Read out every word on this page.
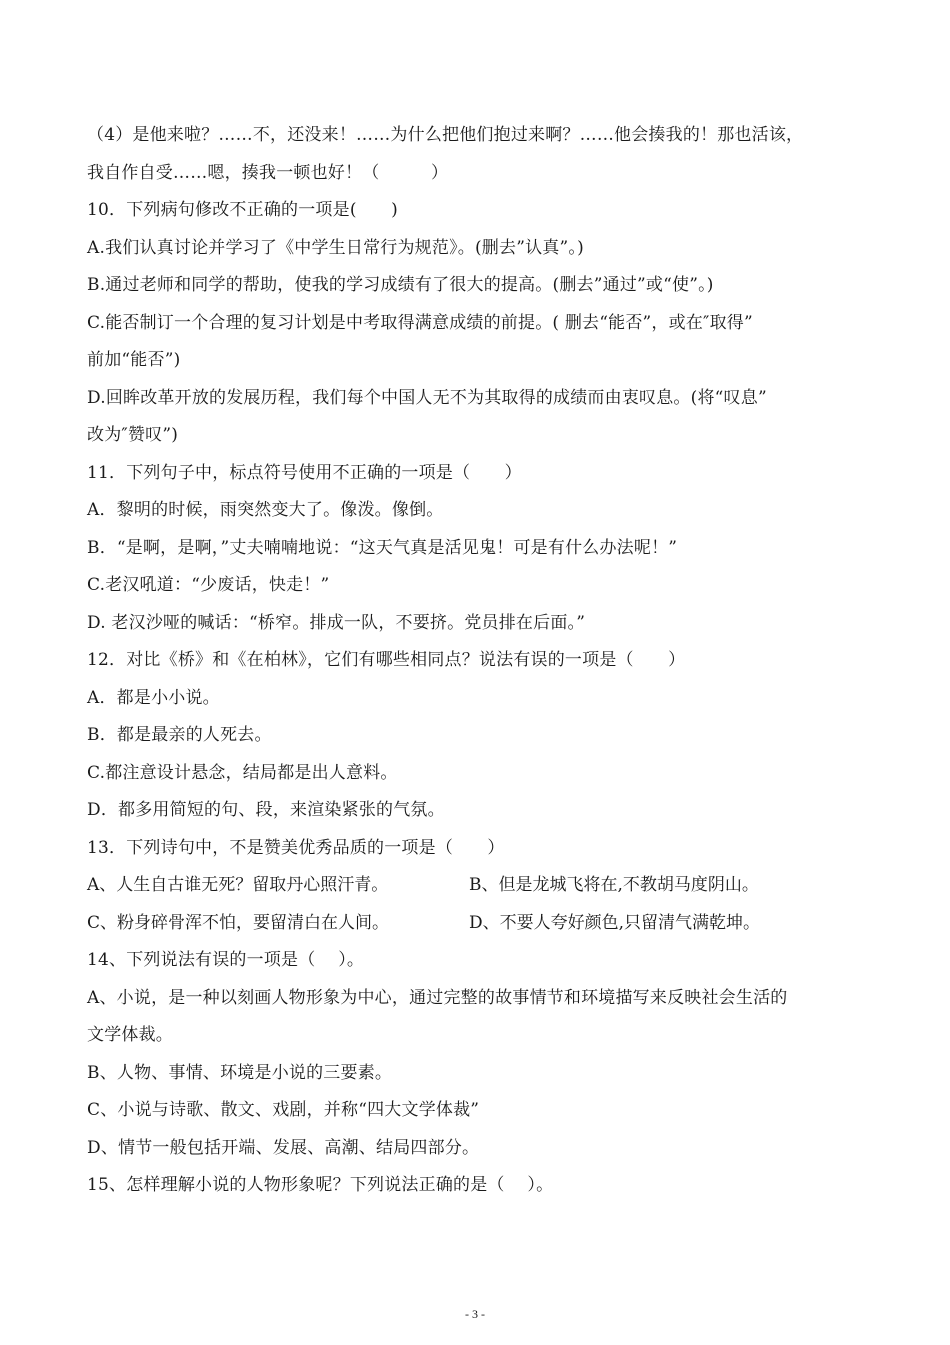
（4）是他来啦？……不，还没来！……为什么把他们抱过来啊？……他会揍我的！那也活该，
我自作自受……嗯，揍我一顿也好！（　　　）
10．下列病句修改不正确的一项是(　　)
A.我们认真讨论并学习了《中学生日常行为规范》。(删去”认真”。)
B.通过老师和同学的帮助，使我的学习成绩有了很大的提高。(删去”通过”或“使”。)
C.能否制订一个合理的复习计划是中考取得满意成绩的前提。( 删去“能否”，或在″取得”
前加“能否”)
D.回眸改革开放的发展历程，我们每个中国人无不为其取得的成绩而由衷叹息。(将“叹息”
改为″赞叹”)
11．下列句子中，标点符号使用不正确的一项是（　　）
A．黎明的时候，雨突然变大了。像泼。像倒。
B．“是啊，是啊，”丈夫喃喃地说：“这天气真是活见鬼！可是有什么办法呢！”
C.老汉吼道：“少废话，快走！”
D. 老汉沙哑的喊话：“桥窄。排成一队，不要挤。党员排在后面。”
12．对比《桥》和《在柏林》，它们有哪些相同点？说法有误的一项是（　　）
A．都是小小说。
B．都是最亲的人死去。
C.都注意设计悬念，结局都是出人意料。
D．都多用简短的句、段，来渲染紧张的气氛。
13．下列诗句中，不是赞美优秀品质的一项是（　　）
A、人生自古谁无死？留取丹心照汗青。	B、但是龙城飞将在,不教胡马度阴山。
C、粉身碎骨浑不怕，要留清白在人间。	D、不要人夸好颜色,只留清气满乾坤。
14、下列说法有误的一项是（　 ）。
A、小说，是一种以刻画人物形象为中心，通过完整的故事情节和环境描写来反映社会生活的
文学体裁。
B、人物、事情、环境是小说的三要素。
C、小说与诗歌、散文、戏剧，并称“四大文学体裁”
D、情节一般包括开端、发展、高潮、结局四部分。
15、怎样理解小说的人物形象呢？下列说法正确的是（　 ）。
- 3 -
